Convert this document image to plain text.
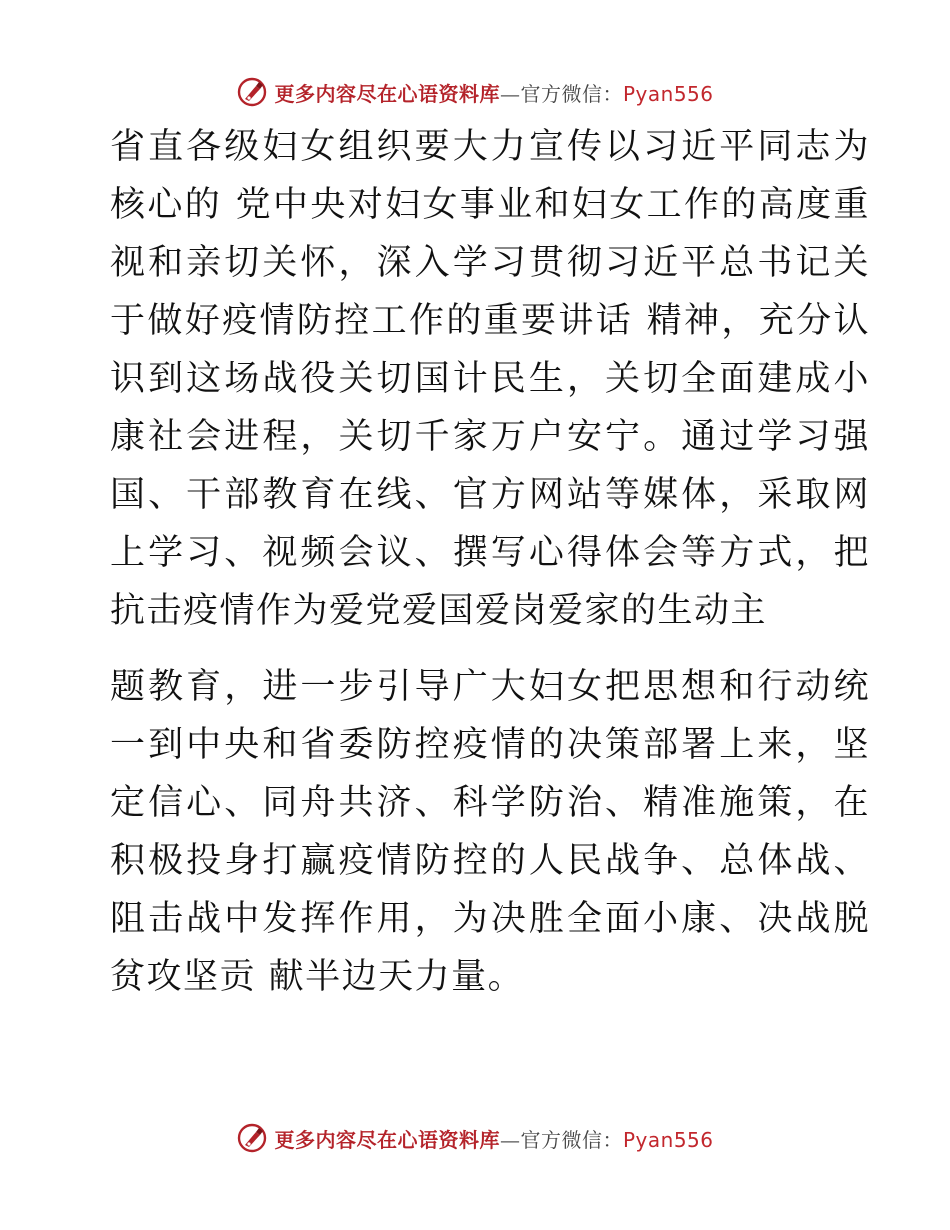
更多内容尽在心语资料库 — 官方微信： Pyan556

省直各级妇女组织要大力宣传以习近平同志为核心的 党中央对妇女事业和妇女工作的高度重视和亲切关怀，深入学习贯彻习近平总书记关于做好疫情防控工作的重要讲话 精神，充分认识到这场战役关切国计民生，关切全面建成小康社会进程，关切千家万户安宁。通过学习强国、干部教育在线、官方网站等媒体，采取网上学习、视频会议、撰写心得体会等方式，把抗击疫情作为爱党爱国爱岗爱家的生动主

题教育，进一步引导广大妇女把思想和行动统一到中央和省委防控疫情的决策部署上来，坚定信心、同舟共济、科学防治、精准施策，在积极投身打赢疫情防控的人民战争、总体战、阻击战中发挥作用，为决胜全面小康、决战脱贫攻坚贡 献半边天力量。

更多内容尽在心语资料库 — 官方微信： Pyan556
